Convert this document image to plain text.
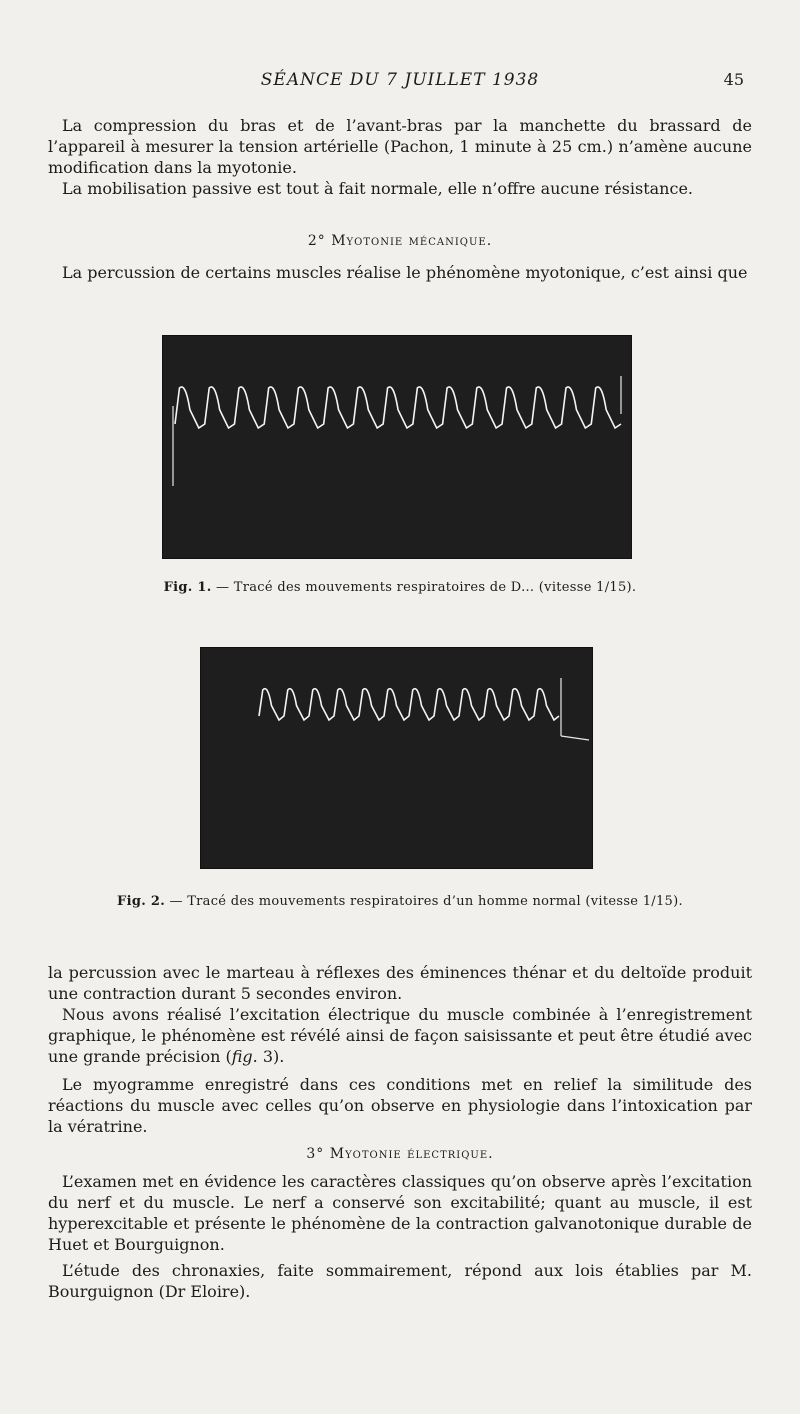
SÉANCE DU 7 JUILLET 1938	45

La compression du bras et de l’avant-bras par la manchette du brassard de l’appareil à mesurer la tension artérielle (Pachon, 1 minute à 25 cm.) n’amène aucune modification dans la myotonie.

La mobilisation passive est tout à fait normale, elle n’offre aucune résistance.

2° Myotonie mécanique.

La percussion de certains muscles réalise le phénomène myotonique, c’est ainsi que

Fig. 1. — Tracé des mouvements respiratoires de D... (vitesse 1/15).
Fig. 2. — Tracé des mouvements respiratoires d’un homme normal (vitesse 1/15).

la percussion avec le marteau à réflexes des éminences thénar et du deltoïde produit une contraction durant 5 secondes environ.

Nous avons réalisé l’excitation électrique du muscle combinée à l’enregistrement graphique, le phénomène est révélé ainsi de façon saisissante et peut être étudié avec une grande précision (fig. 3).

Le myogramme enregistré dans ces conditions met en relief la similitude des réactions du muscle avec celles qu’on observe en physiologie dans l’intoxication par la vératrine.

3° Myotonie électrique.

L’examen met en évidence les caractères classiques qu’on observe après l’excitation du nerf et du muscle. Le nerf a conservé son excitabilité; quant au muscle, il est hyperexcitable et présente le phénomène de la contraction galvanotonique durable de Huet et Bourguignon.

L’étude des chronaxies, faite sommairement, répond aux lois établies par M. Bourguignon (Dr Eloire).
